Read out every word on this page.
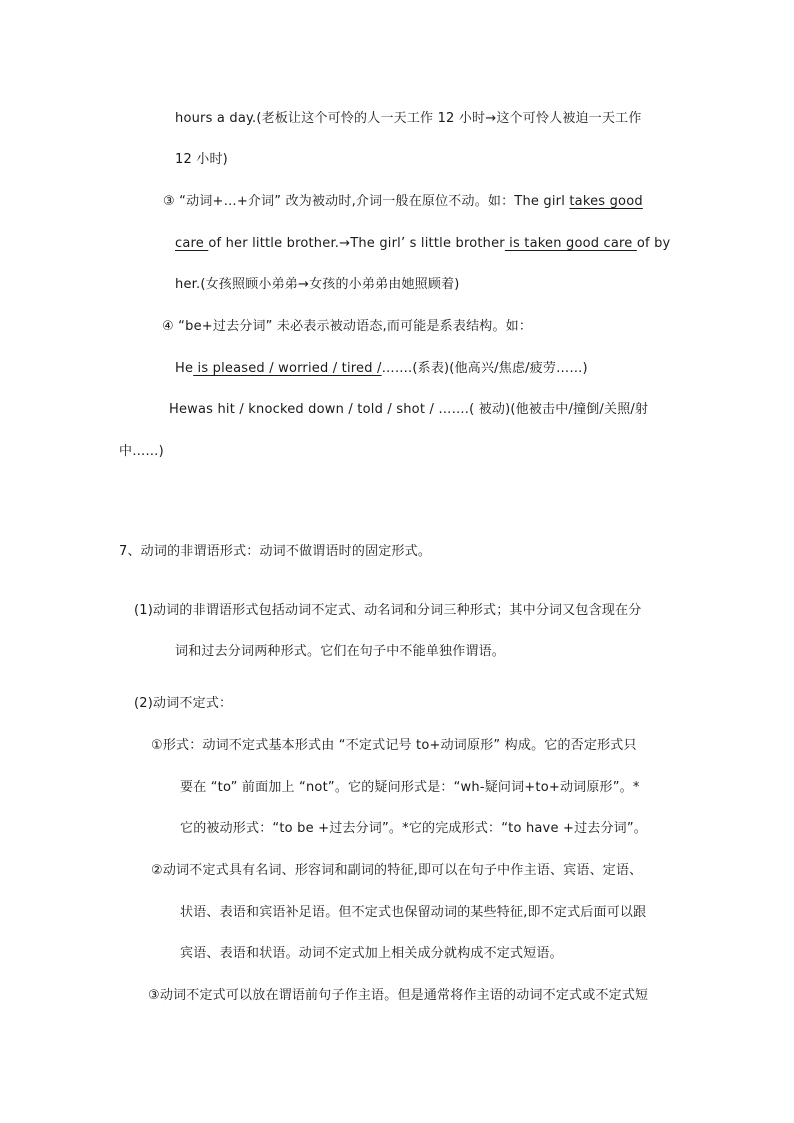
hours a day.(老板让这个可怜的人一天工作 12 小时→这个可怜人被迫一天工作
12 小时)
③ “动词+…+介词” 改为被动时,介词一般在原位不动。如：The girl takes good
care of her little brother.→The girl’ s little brother is taken good care of by
her.(女孩照顾小弟弟→女孩的小弟弟由她照顾着)
④ “be+过去分词” 未必表示被动语态,而可能是系表结构。如：
He is pleased / worried / tired /…….(系表)(他高兴/焦虑/疲劳……)
Hewas hit / knocked down / told / shot / …….( 被动)(他被击中/撞倒/关照/射
中……)
7、动词的非谓语形式：动词不做谓语时的固定形式。
(1)动词的非谓语形式包括动词不定式、动名词和分词三种形式；其中分词又包含现在分
词和过去分词两种形式。它们在句子中不能单独作谓语。
(2)动词不定式：
①形式：动词不定式基本形式由 “不定式记号 to+动词原形” 构成。它的否定形式只
要在 “to” 前面加上 “not”。它的疑问形式是：“wh-疑问词+to+动词原形”。*
它的被动形式：“to be +过去分词”。*它的完成形式：“to have +过去分词”。
②动词不定式具有名词、形容词和副词的特征,即可以在句子中作主语、宾语、定语、
状语、表语和宾语补足语。但不定式也保留动词的某些特征,即不定式后面可以跟
宾语、表语和状语。动词不定式加上相关成分就构成不定式短语。
③动词不定式可以放在谓语前句子作主语。但是通常将作主语的动词不定式或不定式短
